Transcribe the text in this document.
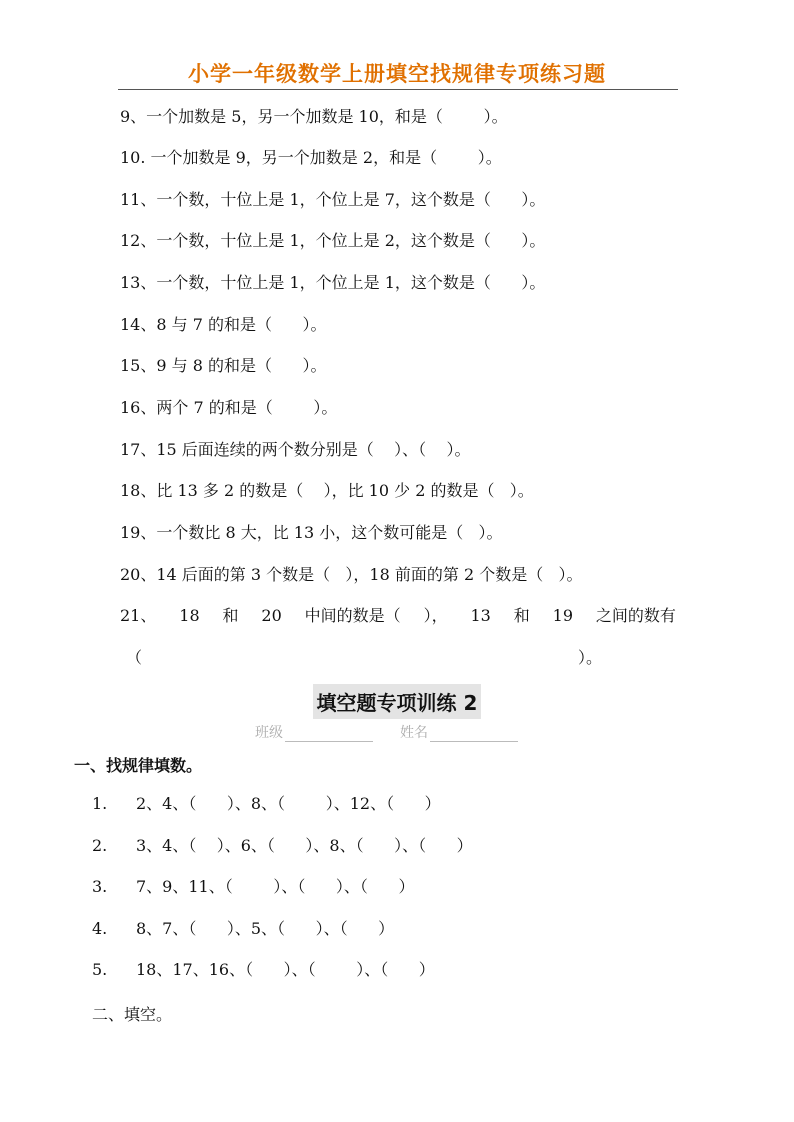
小学一年级数学上册填空找规律专项练习题
9、一个加数是 5，另一个加数是 10，和是（        ）。
10. 一个加数是 9，另一个加数是 2，和是（        ）。
11、一个数，十位上是 1，个位上是 7，这个数是（      ）。
12、一个数，十位上是 1，个位上是 2，这个数是（      ）。
13、一个数，十位上是 1，个位上是 1，这个数是（      ）。
14、8 与 7 的和是（      ）。
15、9 与 8 的和是（      ）。
16、两个 7 的和是（        ）。
17、15 后面连续的两个数分别是（    ）、（    ）。
18、比 13 多 2 的数是（    ），比 10 少 2 的数是（   ）。
19、一个数比 8 大，比 13 小，这个数可能是（   ）。
20、14 后面的第 3 个数是（   ），18 前面的第 2 个数是（   ）。
21、 18 和 20 中间的数是（ ）， 13 和 19 之间的数有
（	）。
填空题专项训练 2
班级	姓名
一、找规律填数。
1. 2、4、（      ）、8、（        ）、12、（      ）
2. 3、4、（    ）、6、（      ）、8、（      ）、（      ）
3. 7、9、11、（        ）、（      ）、（      ）
4. 8、7、（      ）、5、（      ）、（      ）
5. 18、17、16、（      ）、（        ）、（      ）
二、填空。
